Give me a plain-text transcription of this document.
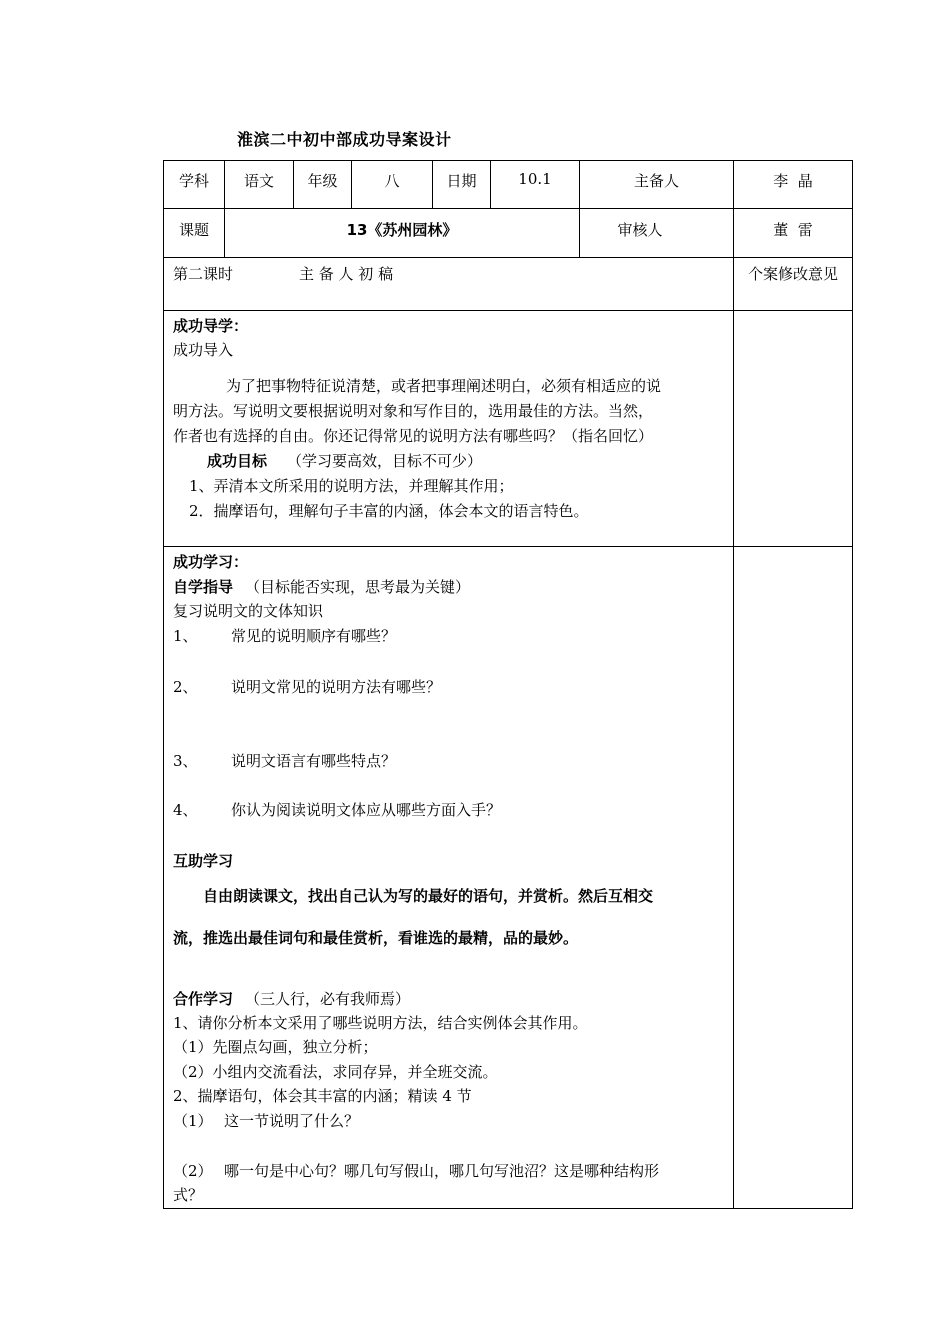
淮滨二中初中部成功导案设计
学科	语文	年级	八	日期	10.1	主备人	李  晶
课题	13《苏州园林》	审核人	董  雷
第二课时	主 备 人 初 稿	个案修改意见
成功导学：
成功导入
为了把事物特征说清楚，或者把事理阐述明白，必须有相适应的说
明方法。写说明文要根据说明对象和写作目的，选用最佳的方法。当然，
作者也有选择的自由。你还记得常见的说明方法有哪些吗？（指名回忆）
成功目标 （学习要高效，目标不可少）
1、弄清本文所采用的说明方法，并理解其作用；
2．揣摩语句，理解句子丰富的内涵，体会本文的语言特色。
成功学习：
自学指导 （目标能否实现，思考最为关键）
复习说明文的文体知识
1、 常见的说明顺序有哪些？
2、 说明文常见的说明方法有哪些？
3、 说明文语言有哪些特点？
4、 你认为阅读说明文体应从哪些方面入手？
互助学习
自由朗读课文，找出自己认为写的最好的语句，并赏析。然后互相交
流，推选出最佳词句和最佳赏析，看谁选的最精，品的最妙。
合作学习 （三人行，必有我师焉）
1、请你分析本文采用了哪些说明方法，结合实例体会其作用。
（1）先圈点勾画，独立分析；
（2）小组内交流看法，求同存异，并全班交流。
2、揣摩语句，体会其丰富的内涵；精读 4 节
（1） 这一节说明了什么？
（2） 哪一句是中心句？哪几句写假山，哪几句写池沼？这是哪种结构形
式？
